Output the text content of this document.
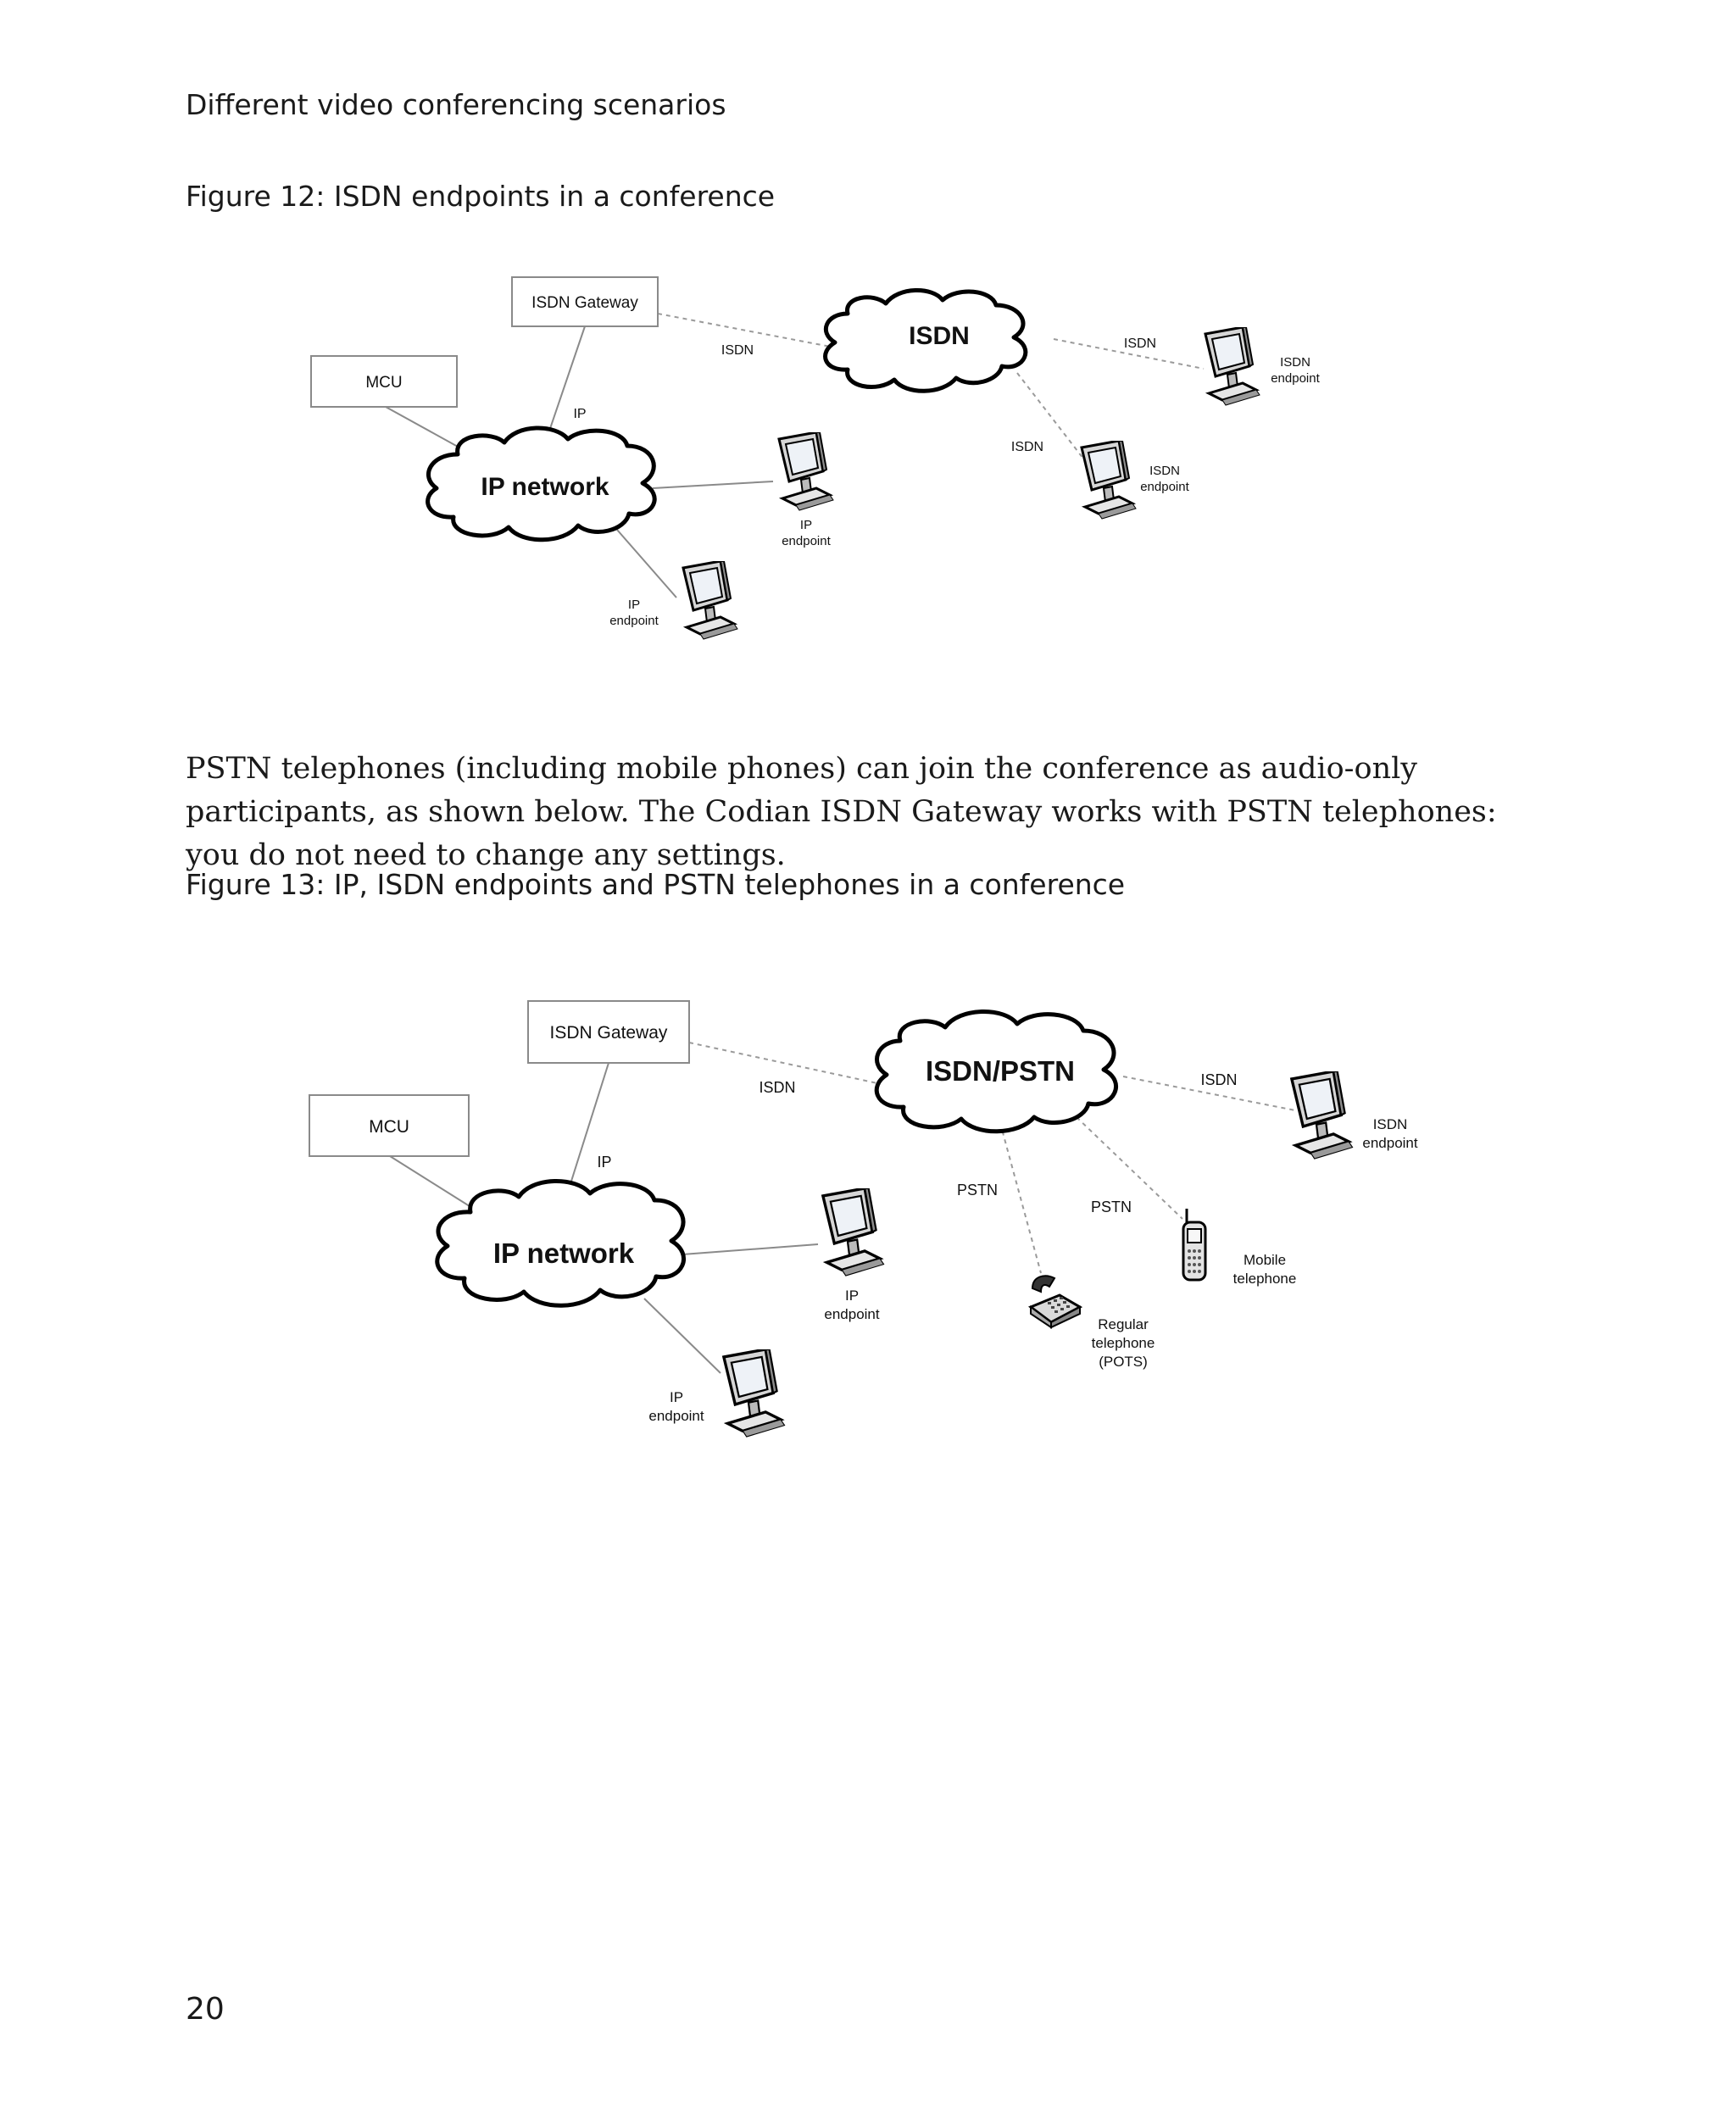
Different video conferencing scenarios
Figure 12: ISDN endpoints in a conference
ISDN Gateway
MCU
IP network
ISDN
ISDN
IP
ISDN
ISDN
IP
endpoint
IP
endpoint
ISDN
endpoint
ISDN
endpoint

PSTN telephones (including mobile phones) can join the conference as audio-only participants, as shown below. The Codian ISDN Gateway works with PSTN telephones: you do not need to change any settings.

Figure 13: IP, ISDN endpoints and PSTN telephones in a conference
ISDN Gateway
MCU
IP network
ISDN/PSTN
ISDN
IP
ISDN
PSTN
PSTN
IP
endpoint
IP
endpoint
ISDN
endpoint
Mobile
telephone
Regular
telephone
(POTS)
20
